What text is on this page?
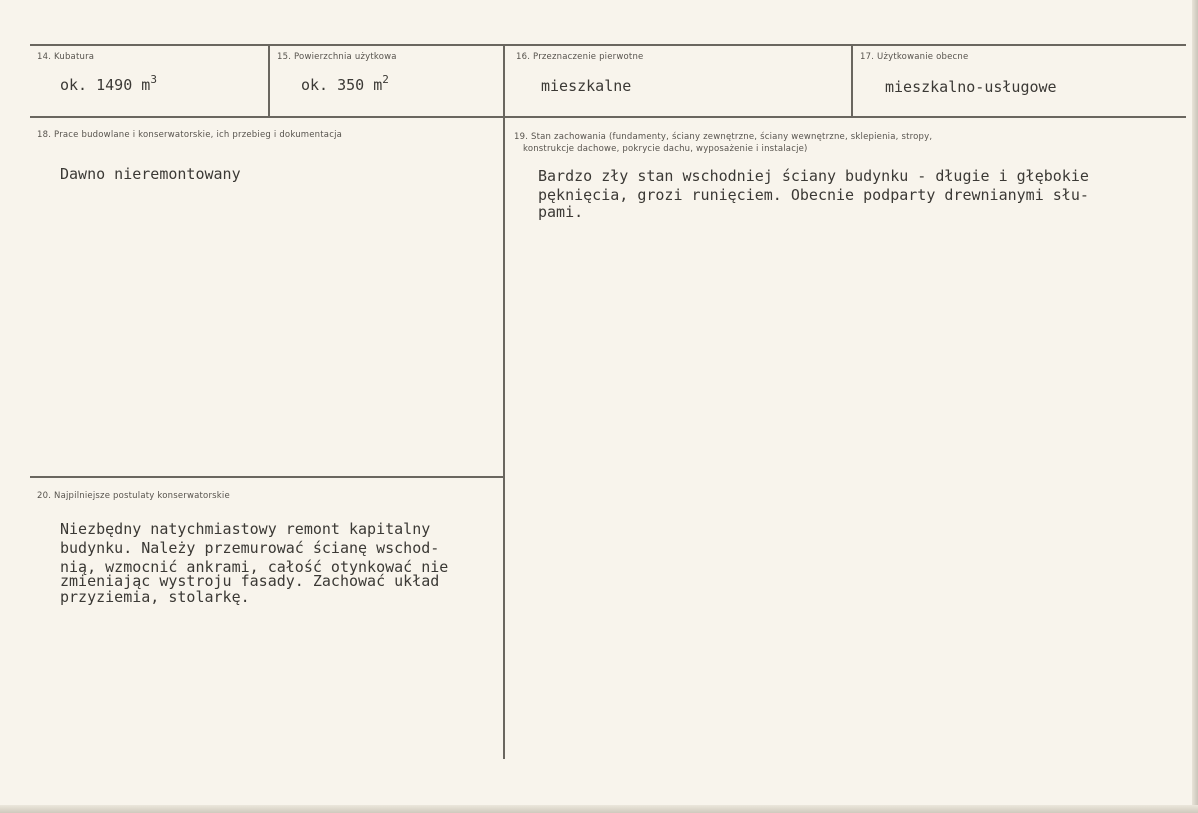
14. Kubatura
ok. 1490 $m^3$
15. Powierzchnia użytkowa
ok. 350 $m^2$
16. Przeznaczenie pierwotne
mieszkalne
17. Użytkowanie obecne
mieszkalno-usługowe
18. Prace budowlane i konserwatorskie, ich przebieg i dokumentacja
Dawno nieremontowany
19. Stan zachowania (fundamenty, ściany zewnętrzne, ściany wewnętrzne, sklepienia, stropy,
konstrukcje dachowe, pokrycie dachu, wyposażenie i instalacje)
Bardzo zły stan wschodniej ściany budynku - długie i głębokie
pęknięcia, grozi runięciem. Obecnie podparty drewnianymi słu-
pami.
20. Najpilniejsze postulaty konserwatorskie
Niezbędny natychmiastowy remont kapitalny
budynku. Należy przemurować ścianę wschod-
nią, wzmocnić ankrami, całość otynkować nie
zmieniając wystroju fasady. Zachować układ
przyziemia, stolarkę.
